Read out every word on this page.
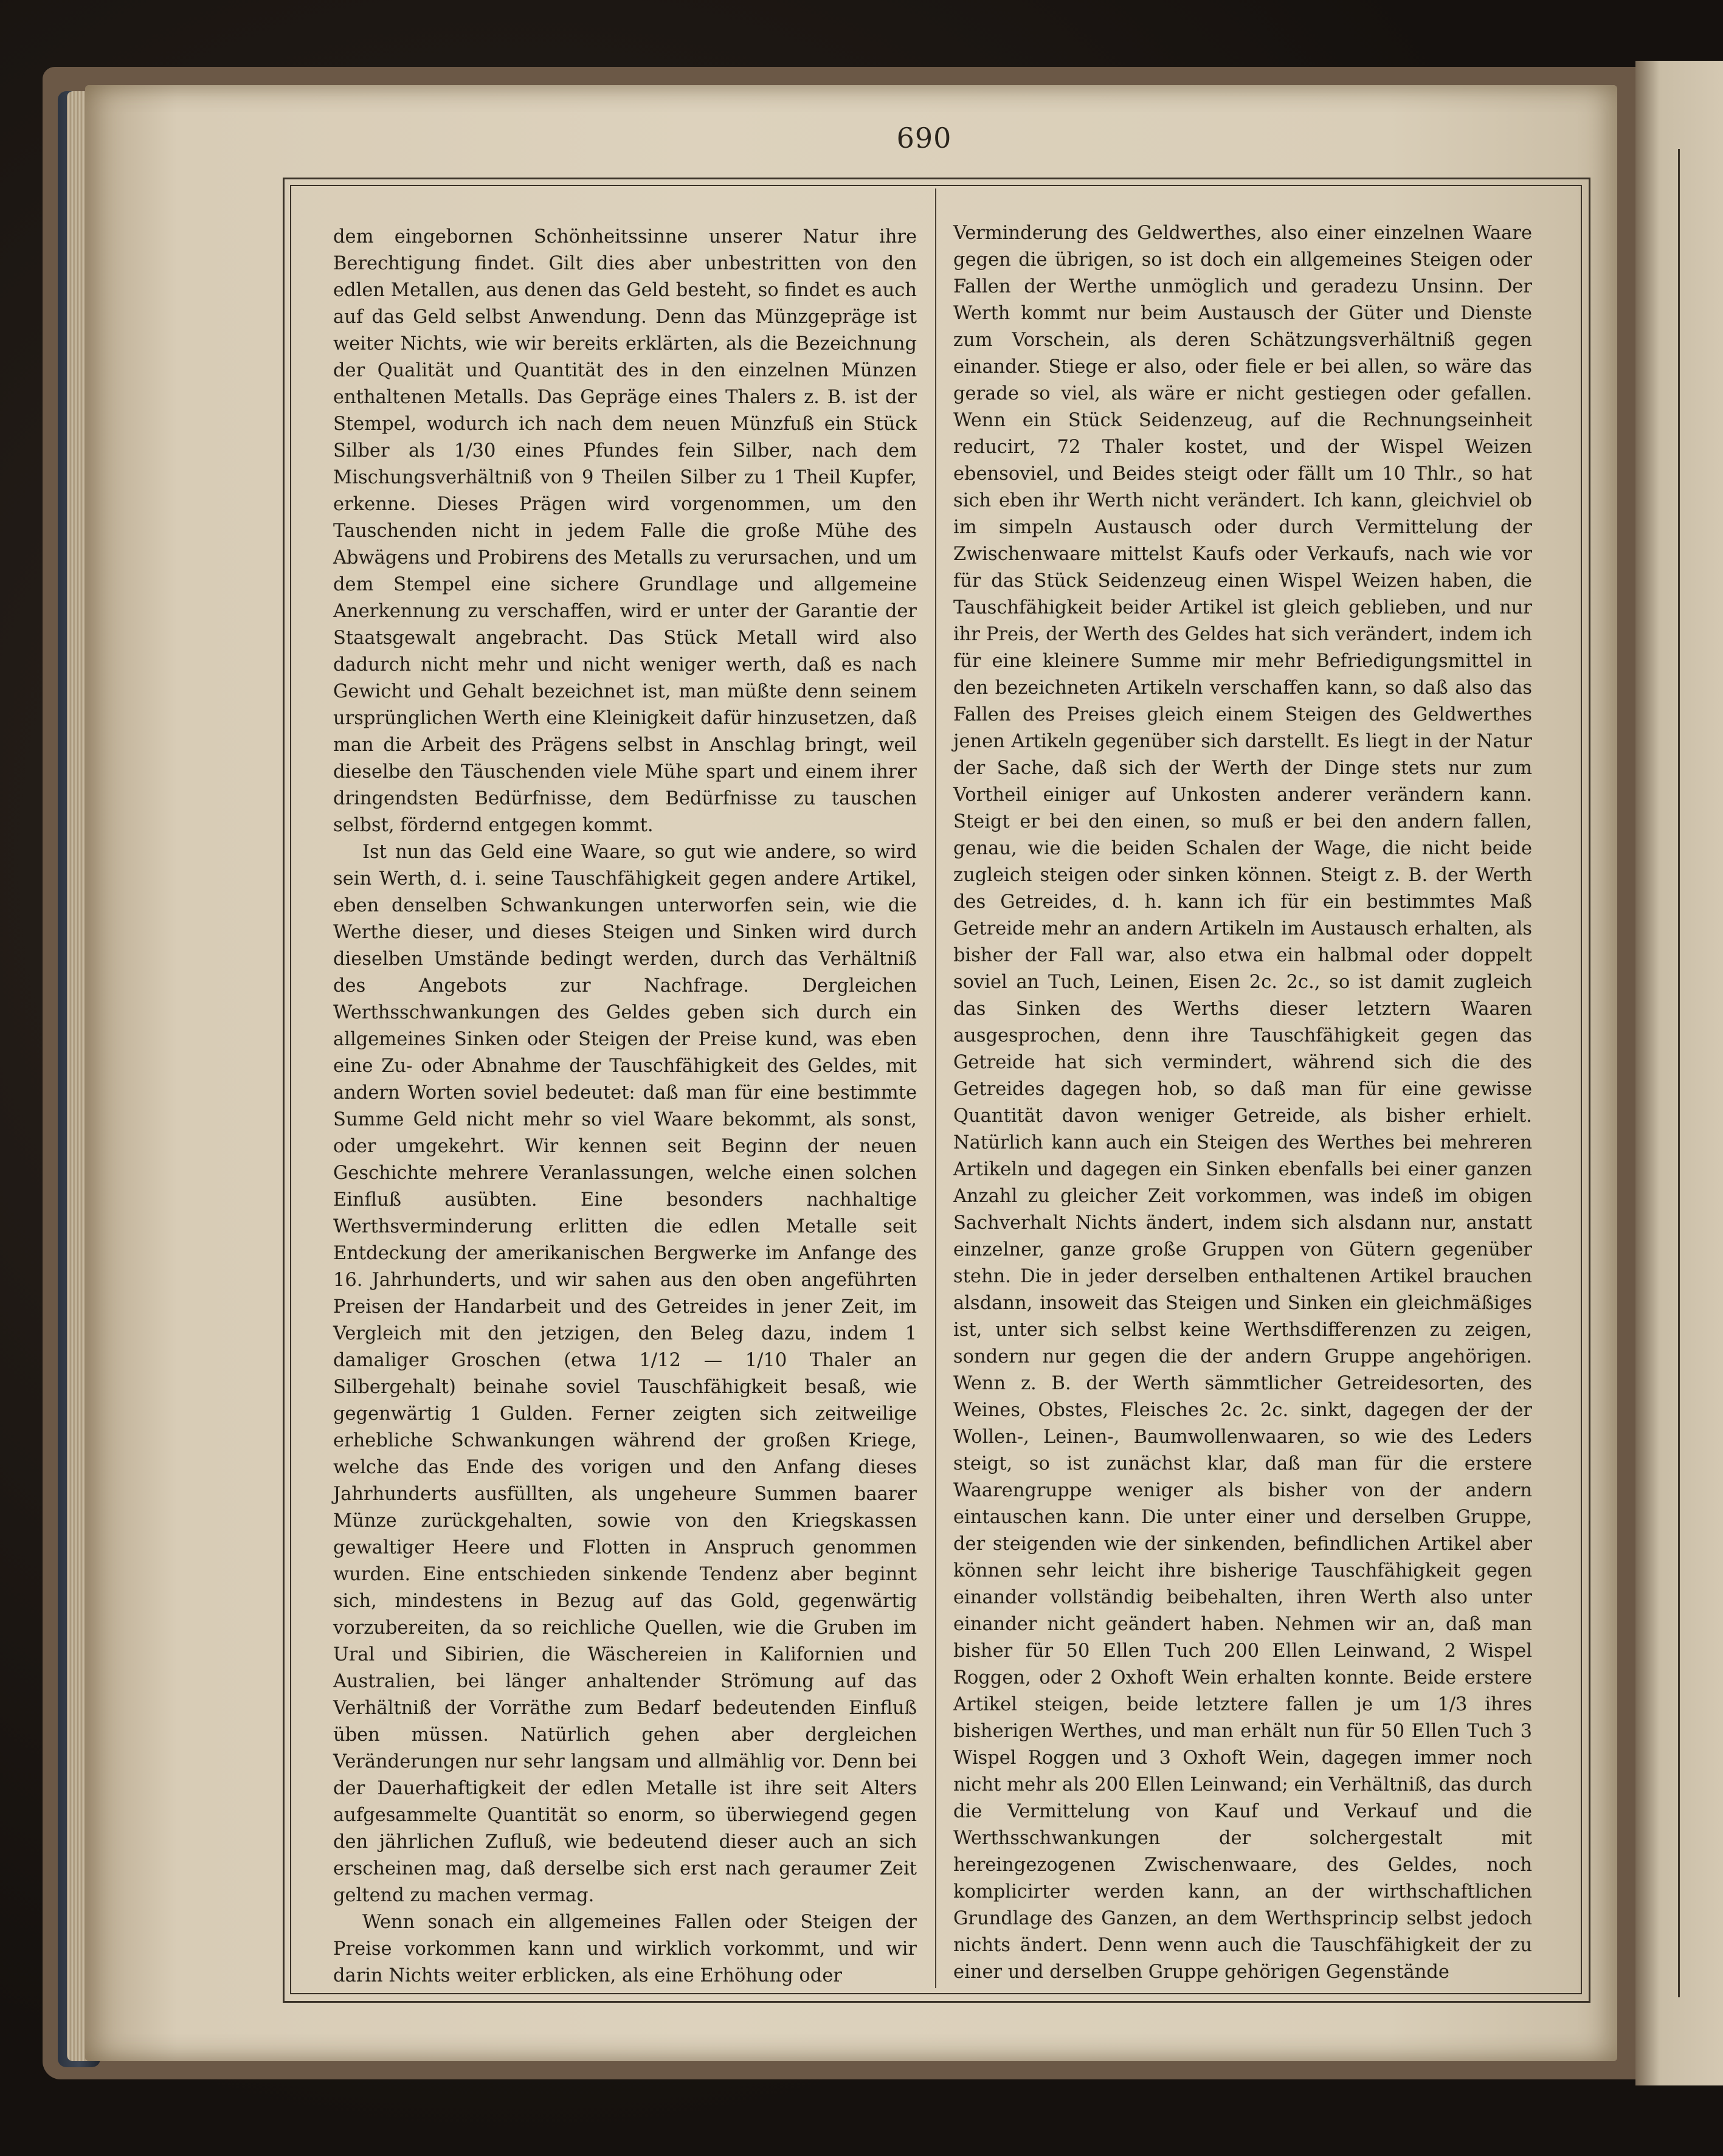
690

dem eingebornen Schönheitssinne unserer Natur ihre Berechtigung findet. Gilt dies aber unbestritten von den edlen Metallen, aus denen das Geld besteht, so findet es auch auf das Geld selbst Anwendung. Denn das Münzgepräge ist weiter Nichts, wie wir bereits erklärten, als die Bezeichnung der Qualität und Quantität des in den einzelnen Münzen enthaltenen Metalls. Das Gepräge eines Thalers z. B. ist der Stempel, wodurch ich nach dem neuen Münzfuß ein Stück Silber als 1/30 eines Pfundes fein Silber, nach dem Mischungsverhältniß von 9 Theilen Silber zu 1 Theil Kupfer, erkenne. Dieses Prägen wird vorgenommen, um den Tauschenden nicht in jedem Falle die große Mühe des Abwägens und Probirens des Metalls zu verursachen, und um dem Stempel eine sichere Grundlage und allgemeine Anerkennung zu verschaffen, wird er unter der Garantie der Staatsgewalt angebracht. Das Stück Metall wird also dadurch nicht mehr und nicht weniger werth, daß es nach Gewicht und Gehalt bezeichnet ist, man müßte denn seinem ursprünglichen Werth eine Kleinigkeit dafür hinzusetzen, daß man die Arbeit des Prägens selbst in Anschlag bringt, weil dieselbe den Täuschenden viele Mühe spart und einem ihrer dringendsten Bedürfnisse, dem Bedürfnisse zu tauschen selbst, fördernd entgegen kommt.

Ist nun das Geld eine Waare, so gut wie andere, so wird sein Werth, d. i. seine Tauschfähigkeit gegen andere Artikel, eben denselben Schwankungen unterworfen sein, wie die Werthe dieser, und dieses Steigen und Sinken wird durch dieselben Umstände bedingt werden, durch das Verhältniß des Angebots zur Nachfrage. Dergleichen Werthsschwankungen des Geldes geben sich durch ein allgemeines Sinken oder Steigen der Preise kund, was eben eine Zu- oder Abnahme der Tauschfähigkeit des Geldes, mit andern Worten soviel bedeutet: daß man für eine bestimmte Summe Geld nicht mehr so viel Waare bekommt, als sonst, oder umgekehrt. Wir kennen seit Beginn der neuen Geschichte mehrere Veranlassungen, welche einen solchen Einfluß ausübten. Eine besonders nachhaltige Werthsverminderung erlitten die edlen Metalle seit Entdeckung der amerikanischen Bergwerke im Anfange des 16. Jahrhunderts, und wir sahen aus den oben angeführten Preisen der Handarbeit und des Getreides in jener Zeit, im Vergleich mit den jetzigen, den Beleg dazu, indem 1 damaliger Groschen (etwa 1/12 — 1/10 Thaler an Silbergehalt) beinahe soviel Tauschfähigkeit besaß, wie gegenwärtig 1 Gulden. Ferner zeigten sich zeitweilige erhebliche Schwankungen während der großen Kriege, welche das Ende des vorigen und den Anfang dieses Jahrhunderts ausfüllten, als ungeheure Summen baarer Münze zurückgehalten, sowie von den Kriegskassen gewaltiger Heere und Flotten in Anspruch genommen wurden. Eine entschieden sinkende Tendenz aber beginnt sich, mindestens in Bezug auf das Gold, gegenwärtig vorzubereiten, da so reichliche Quellen, wie die Gruben im Ural und Sibirien, die Wäschereien in Kalifornien und Australien, bei länger anhaltender Strömung auf das Verhältniß der Vorräthe zum Bedarf bedeutenden Einfluß üben müssen. Natürlich gehen aber dergleichen Veränderungen nur sehr langsam und allmählig vor. Denn bei der Dauerhaftigkeit der edlen Metalle ist ihre seit Alters aufgesammelte Quantität so enorm, so überwiegend gegen den jährlichen Zufluß, wie bedeutend dieser auch an sich erscheinen mag, daß derselbe sich erst nach geraumer Zeit geltend zu machen vermag.

Wenn sonach ein allgemeines Fallen oder Steigen der Preise vorkommen kann und wirklich vorkommt, und wir darin Nichts weiter erblicken, als eine Erhöhung oder

Verminderung des Geldwerthes, also einer einzelnen Waare gegen die übrigen, so ist doch ein allgemeines Steigen oder Fallen der Werthe unmöglich und geradezu Unsinn. Der Werth kommt nur beim Austausch der Güter und Dienste zum Vorschein, als deren Schätzungsverhältniß gegen einander. Stiege er also, oder fiele er bei allen, so wäre das gerade so viel, als wäre er nicht gestiegen oder gefallen. Wenn ein Stück Seidenzeug, auf die Rechnungseinheit reducirt, 72 Thaler kostet, und der Wispel Weizen ebensoviel, und Beides steigt oder fällt um 10 Thlr., so hat sich eben ihr Werth nicht verändert. Ich kann, gleichviel ob im simpeln Austausch oder durch Vermittelung der Zwischenwaare mittelst Kaufs oder Verkaufs, nach wie vor für das Stück Seidenzeug einen Wispel Weizen haben, die Tauschfähigkeit beider Artikel ist gleich geblieben, und nur ihr Preis, der Werth des Geldes hat sich verändert, indem ich für eine kleinere Summe mir mehr Befriedigungsmittel in den bezeichneten Artikeln verschaffen kann, so daß also das Fallen des Preises gleich einem Steigen des Geldwerthes jenen Artikeln gegenüber sich darstellt. Es liegt in der Natur der Sache, daß sich der Werth der Dinge stets nur zum Vortheil einiger auf Unkosten anderer verändern kann. Steigt er bei den einen, so muß er bei den andern fallen, genau, wie die beiden Schalen der Wage, die nicht beide zugleich steigen oder sinken können. Steigt z. B. der Werth des Getreides, d. h. kann ich für ein bestimmtes Maß Getreide mehr an andern Artikeln im Austausch erhalten, als bisher der Fall war, also etwa ein halbmal oder doppelt soviel an Tuch, Leinen, Eisen 2c. 2c., so ist damit zugleich das Sinken des Werths dieser letztern Waaren ausgesprochen, denn ihre Tauschfähigkeit gegen das Getreide hat sich vermindert, während sich die des Getreides dagegen hob, so daß man für eine gewisse Quantität davon weniger Getreide, als bisher erhielt. Natürlich kann auch ein Steigen des Werthes bei mehreren Artikeln und dagegen ein Sinken ebenfalls bei einer ganzen Anzahl zu gleicher Zeit vorkommen, was indeß im obigen Sachverhalt Nichts ändert, indem sich alsdann nur, anstatt einzelner, ganze große Gruppen von Gütern gegenüber stehn. Die in jeder derselben enthaltenen Artikel brauchen alsdann, insoweit das Steigen und Sinken ein gleichmäßiges ist, unter sich selbst keine Werthsdifferenzen zu zeigen, sondern nur gegen die der andern Gruppe angehörigen. Wenn z. B. der Werth sämmtlicher Getreidesorten, des Weines, Obstes, Fleisches 2c. 2c. sinkt, dagegen der der Wollen-, Leinen-, Baumwollenwaaren, so wie des Leders steigt, so ist zunächst klar, daß man für die erstere Waarengruppe weniger als bisher von der andern eintauschen kann. Die unter einer und derselben Gruppe, der steigenden wie der sinkenden, befindlichen Artikel aber können sehr leicht ihre bisherige Tauschfähigkeit gegen einander vollständig beibehalten, ihren Werth also unter einander nicht geändert haben. Nehmen wir an, daß man bisher für 50 Ellen Tuch 200 Ellen Leinwand, 2 Wispel Roggen, oder 2 Oxhoft Wein erhalten konnte. Beide erstere Artikel steigen, beide letztere fallen je um 1/3 ihres bisherigen Werthes, und man erhält nun für 50 Ellen Tuch 3 Wispel Roggen und 3 Oxhoft Wein, dagegen immer noch nicht mehr als 200 Ellen Leinwand; ein Verhältniß, das durch die Vermittelung von Kauf und Verkauf und die Werthsschwankungen der solchergestalt mit hereingezogenen Zwischenwaare, des Geldes, noch komplicirter werden kann, an der wirthschaftlichen Grundlage des Ganzen, an dem Werthsprincip selbst jedoch nichts ändert. Denn wenn auch die Tauschfähigkeit der zu einer und derselben Gruppe gehörigen Gegenstände
